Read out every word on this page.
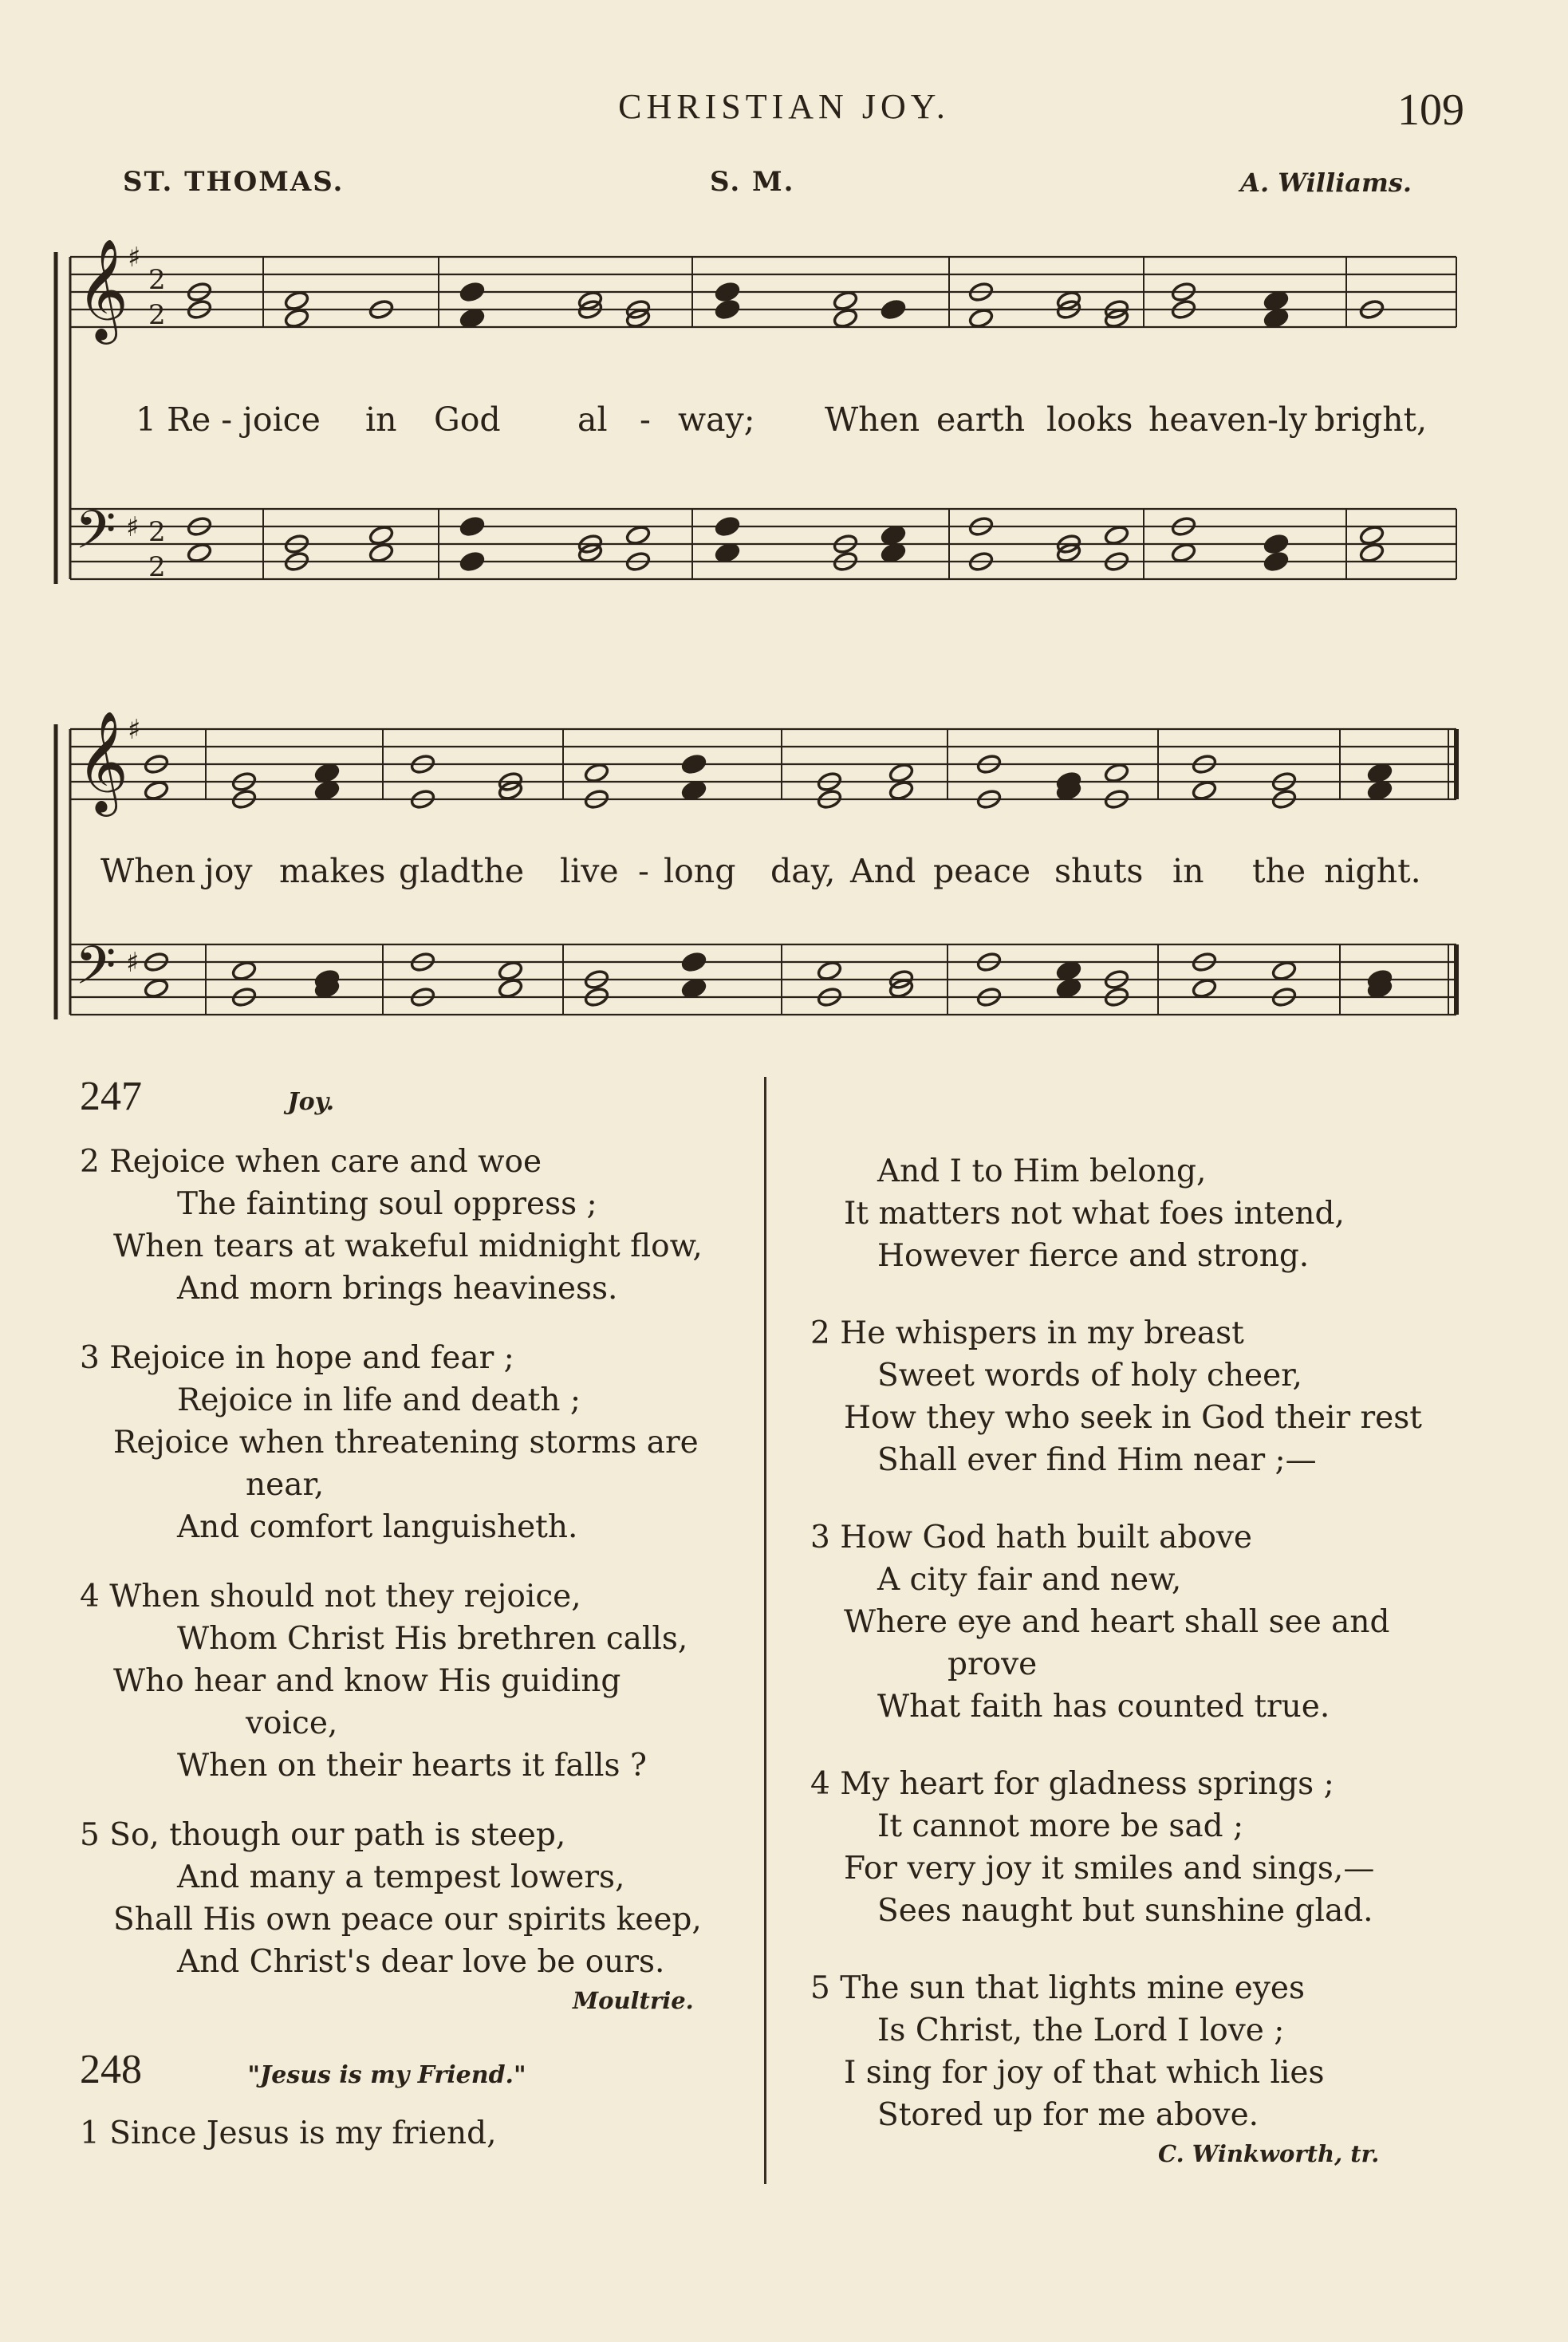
CHRISTIAN JOY.	109
ST. THOMAS.	S. M.	A. Williams.
𝄞
𝄞
𝄢
𝄢
♯
♯
♯
♯
2
2
2
2
1 Re - joice in God al - way; When earth looks heaven-ly bright,
When joy makes glad the live - long day, And peace shuts in the night.

247	Joy.

2 Rejoice when care and woe

The fainting soul oppress ;

When tears at wakeful midnight flow,

And morn brings heaviness.

3 Rejoice in hope and fear ;

Rejoice in life and death ;

Rejoice when threatening storms are

near,

And comfort languisheth.

4 When should not they rejoice,

Whom Christ His brethren calls,

Who hear and know His guiding

voice,

When on their hearts it falls ?

5 So, though our path is steep,

And many a tempest lowers,

Shall His own peace our spirits keep,

And Christ's dear love be ours.

Moultrie.

248	"Jesus is my Friend."

1 Since Jesus is my friend,

And I to Him belong,

It matters not what foes intend,

However fierce and strong.

2 He whispers in my breast

Sweet words of holy cheer,

How they who seek in God their rest

Shall ever find Him near ;—

3 How God hath built above

A city fair and new,

Where eye and heart shall see and

prove

What faith has counted true.

4 My heart for gladness springs ;

It cannot more be sad ;

For very joy it smiles and sings,—

Sees naught but sunshine glad.

5 The sun that lights mine eyes

Is Christ, the Lord I love ;

I sing for joy of that which lies

Stored up for me above.

C. Winkworth, tr.
